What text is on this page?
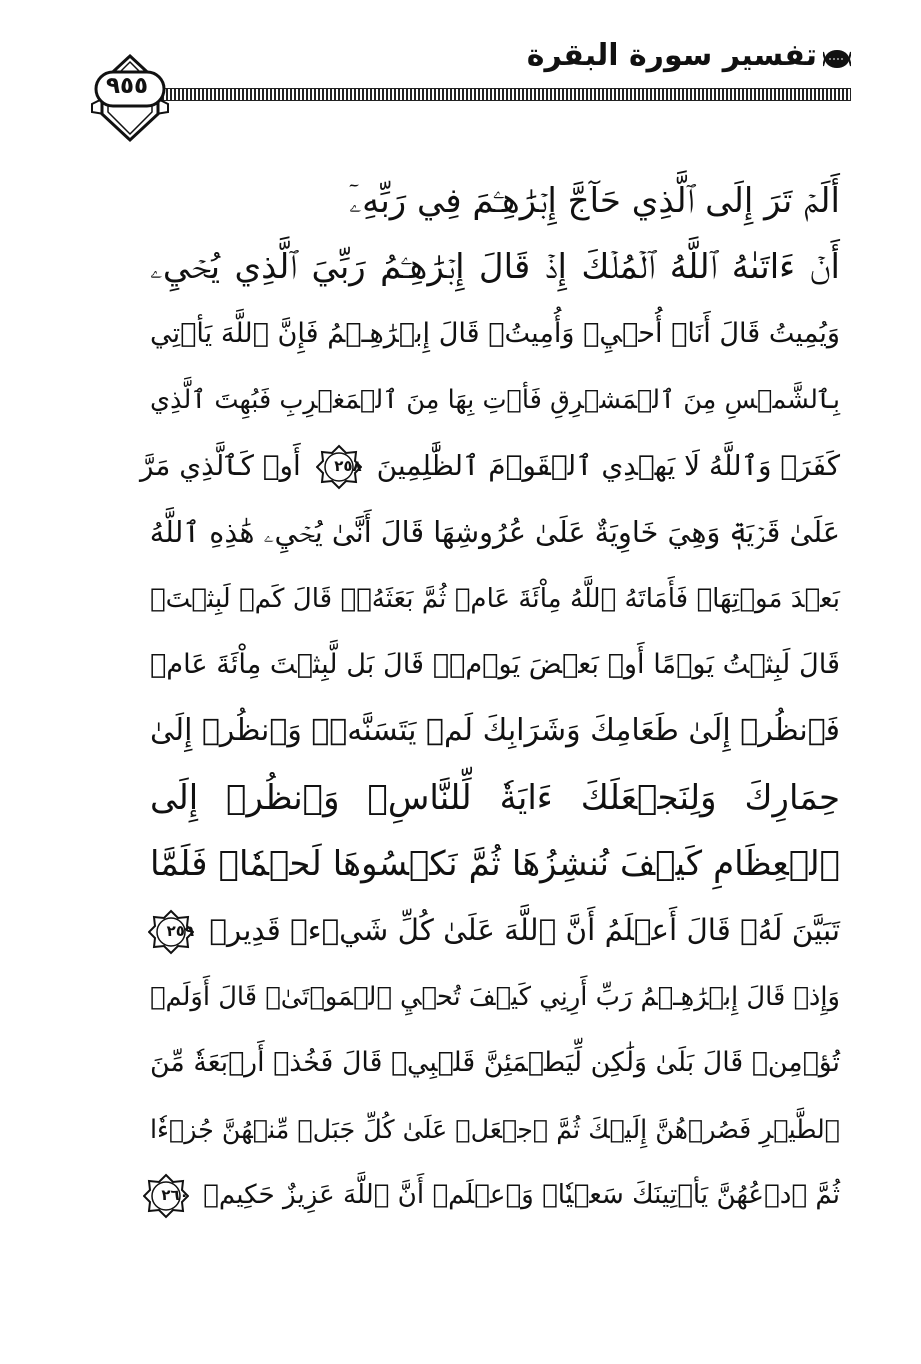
تفسير سورة البقرة
٩٥٥
أَلَمۡ تَرَ إِلَى ٱلَّذِي حَآجَّ إِبۡرَٰهِـۧمَ فِي رَبِّهِۦٓ
أَنۡ ءَاتَىٰهُ ٱللَّهُ ٱلۡمُلۡكَ إِذۡ قَالَ إِبۡرَٰهِـۧمُ رَبِّيَ ٱلَّذِي يُحۡيِۦ
وَيُمِيتُ قَالَ أَنَا۠ أُحۡيِۦ وَأُمِيتُۖ قَالَ إِبۡرَٰهِـۧمُ فَإِنَّ ٱللَّهَ يَأۡتِي
بِٱلشَّمۡسِ مِنَ ٱلۡمَشۡرِقِ فَأۡتِ بِهَا مِنَ ٱلۡمَغۡرِبِ فَبُهِتَ ٱلَّذِي
كَفَرَۗ وَٱللَّهُ لَا يَهۡدِي ٱلۡقَوۡمَ ٱلظَّٰلِمِينَ
٢٥٨
أَوۡ كَٱلَّذِي مَرَّ
عَلَىٰ قَرۡيَةٖ وَهِيَ خَاوِيَةٌ عَلَىٰ عُرُوشِهَا قَالَ أَنَّىٰ يُحۡيِۦ هَٰذِهِ ٱللَّهُ
بَعۡدَ مَوۡتِهَاۖ فَأَمَاتَهُ ٱللَّهُ مِاْئَةَ عَامٖ ثُمَّ بَعَثَهُۥۖ قَالَ كَمۡ لَبِثۡتَۖ
قَالَ لَبِثۡتُ يَوۡمًا أَوۡ بَعۡضَ يَوۡمٖۖ قَالَ بَل لَّبِثۡتَ مِاْئَةَ عَامٖ
فَٱنظُرۡ إِلَىٰ طَعَامِكَ وَشَرَابِكَ لَمۡ يَتَسَنَّهۡۖ وَٱنظُرۡ إِلَىٰ
حِمَارِكَ وَلِنَجۡعَلَكَ ءَايَةٗ لِّلنَّاسِۖ وَٱنظُرۡ إِلَى
ٱلۡعِظَامِ كَيۡفَ نُنشِزُهَا ثُمَّ نَكۡسُوهَا لَحۡمٗاۚ فَلَمَّا
تَبَيَّنَ لَهُۥ قَالَ أَعۡلَمُ أَنَّ ٱللَّهَ عَلَىٰ كُلِّ شَيۡءٖ قَدِيرٞ
٢٥٩
وَإِذۡ قَالَ إِبۡرَٰهِـۧمُ رَبِّ أَرِنِي كَيۡفَ تُحۡيِ ٱلۡمَوۡتَىٰۖ قَالَ أَوَلَمۡ
تُؤۡمِنۖ قَالَ بَلَىٰ وَلَٰكِن لِّيَطۡمَئِنَّ قَلۡبِيۖ قَالَ فَخُذۡ أَرۡبَعَةٗ مِّنَ
ٱلطَّيۡرِ فَصُرۡهُنَّ إِلَيۡكَ ثُمَّ ٱجۡعَلۡ عَلَىٰ كُلِّ جَبَلٖ مِّنۡهُنَّ جُزۡءٗا
ثُمَّ ٱدۡعُهُنَّ يَأۡتِينَكَ سَعۡيٗاۚ وَٱعۡلَمۡ أَنَّ ٱللَّهَ عَزِيزٌ حَكِيمٞ
٢٦٠
